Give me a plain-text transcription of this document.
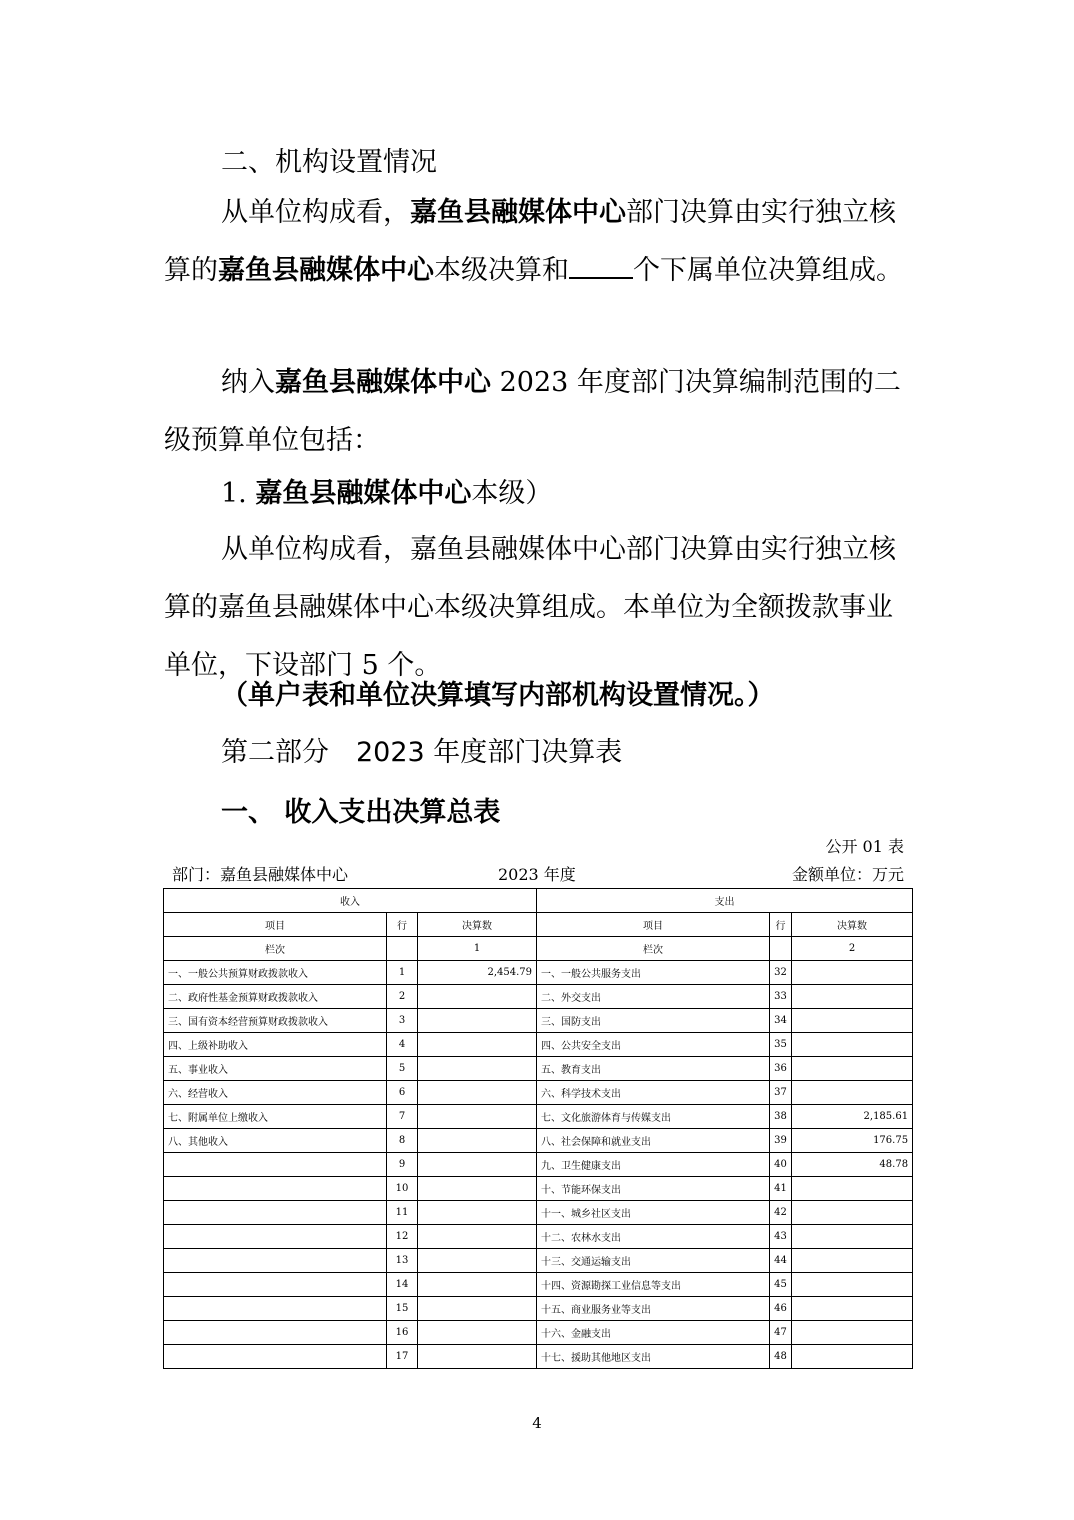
二、机构设置情况
从单位构成看，嘉鱼县融媒体中心部门决算由实行独立核算的嘉鱼县融媒体中心本级决算和 个下属单位决算组成。
纳入嘉鱼县融媒体中心 2023 年度部门决算编制范围的二级预算单位包括：
1. 嘉鱼县融媒体中心本级）
从单位构成看，嘉鱼县融媒体中心部门决算由实行独立核算的嘉鱼县融媒体中心本级决算组成。本单位为全额拨款事业单位，下设部门 5 个。
（单户表和单位决算填写内部机构设置情况。）
第二部分　2023 年度部门决算表
一、 收入支出决算总表
公开 01 表
部门：嘉鱼县融媒体中心	2023 年度	金额单位：万元
收入			支出		
项目	行	决算数	项目	行	决算数
栏次		1	栏次		2
一、一般公共预算财政拨款收入	1	2,454.79	一、一般公共服务支出	32	
二、政府性基金预算财政拨款收入	2		二、外交支出	33	
三、国有资本经营预算财政拨款收入	3		三、国防支出	34	
四、上级补助收入	4		四、公共安全支出	35	
五、事业收入	5		五、教育支出	36	
六、经营收入	6		六、科学技术支出	37	
七、附属单位上缴收入	7		七、文化旅游体育与传媒支出	38	2,185.61
八、其他收入	8		八、社会保障和就业支出	39	176.75
	9		九、卫生健康支出	40	48.78
	10		十、节能环保支出	41	
	11		十一、城乡社区支出	42	
	12		十二、农林水支出	43	
	13		十三、交通运输支出	44	
	14		十四、资源勘探工业信息等支出	45	
	15		十五、商业服务业等支出	46	
	16		十六、金融支出	47	
	17		十七、援助其他地区支出	48	
4
